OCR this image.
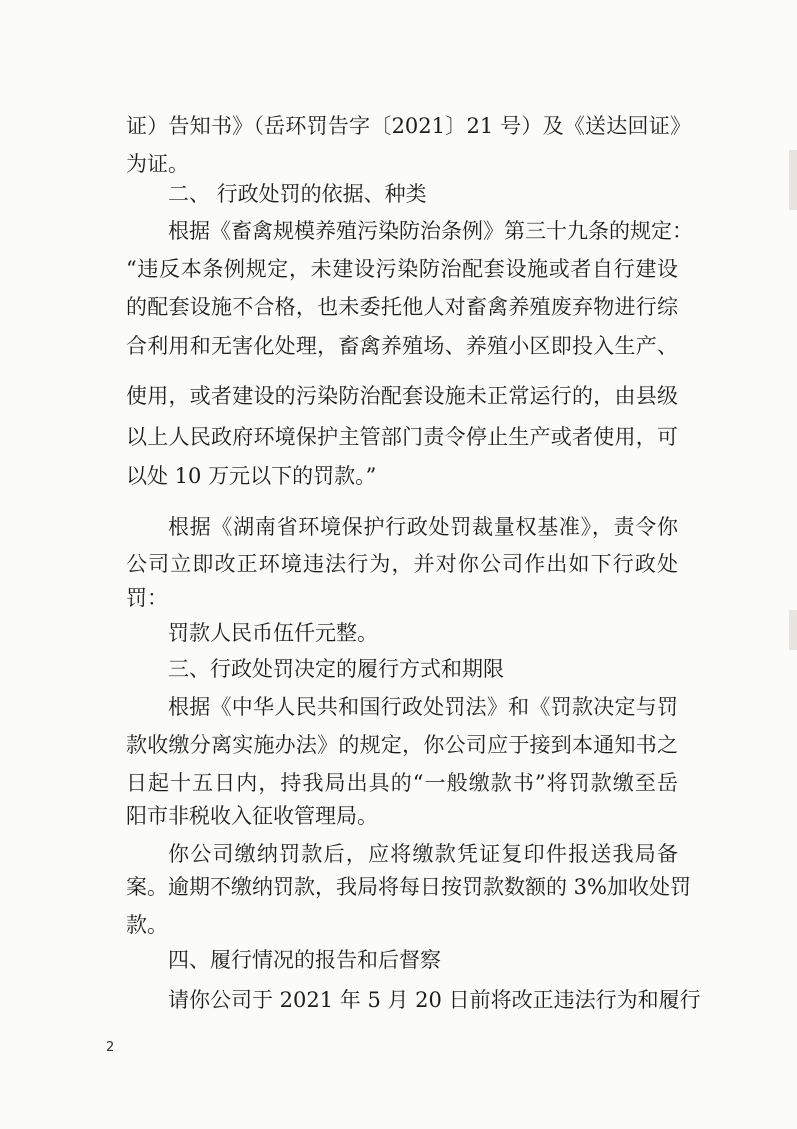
证）告知书》（岳环罚告字〔2021〕21 号）及《送达回证》
为证。
二、 行政处罚的依据、种类
根据《畜禽规模养殖污染防治条例》第三十九条的规定：
“违反本条例规定，未建设污染防治配套设施或者自行建设
的配套设施不合格，也未委托他人对畜禽养殖废弃物进行综
合利用和无害化处理，畜禽养殖场、养殖小区即投入生产、
使用，或者建设的污染防治配套设施未正常运行的，由县级
以上人民政府环境保护主管部门责令停止生产或者使用，可
以处 10 万元以下的罚款。”
根据《湖南省环境保护行政处罚裁量权基准》，责令你
公司立即改正环境违法行为，并对你公司作出如下行政处
罚：
罚款人民币伍仟元整。
三、行政处罚决定的履行方式和期限
根据《中华人民共和国行政处罚法》和《罚款决定与罚
款收缴分离实施办法》的规定，你公司应于接到本通知书之
日起十五日内，持我局出具的“一般缴款书”将罚款缴至岳
阳市非税收入征收管理局。
你公司缴纳罚款后，应将缴款凭证复印件报送我局备
案。逾期不缴纳罚款，我局将每日按罚款数额的 3%加收处罚
款。
四、履行情况的报告和后督察
请你公司于 2021 年 5 月 20 日前将改正违法行为和履行
2
